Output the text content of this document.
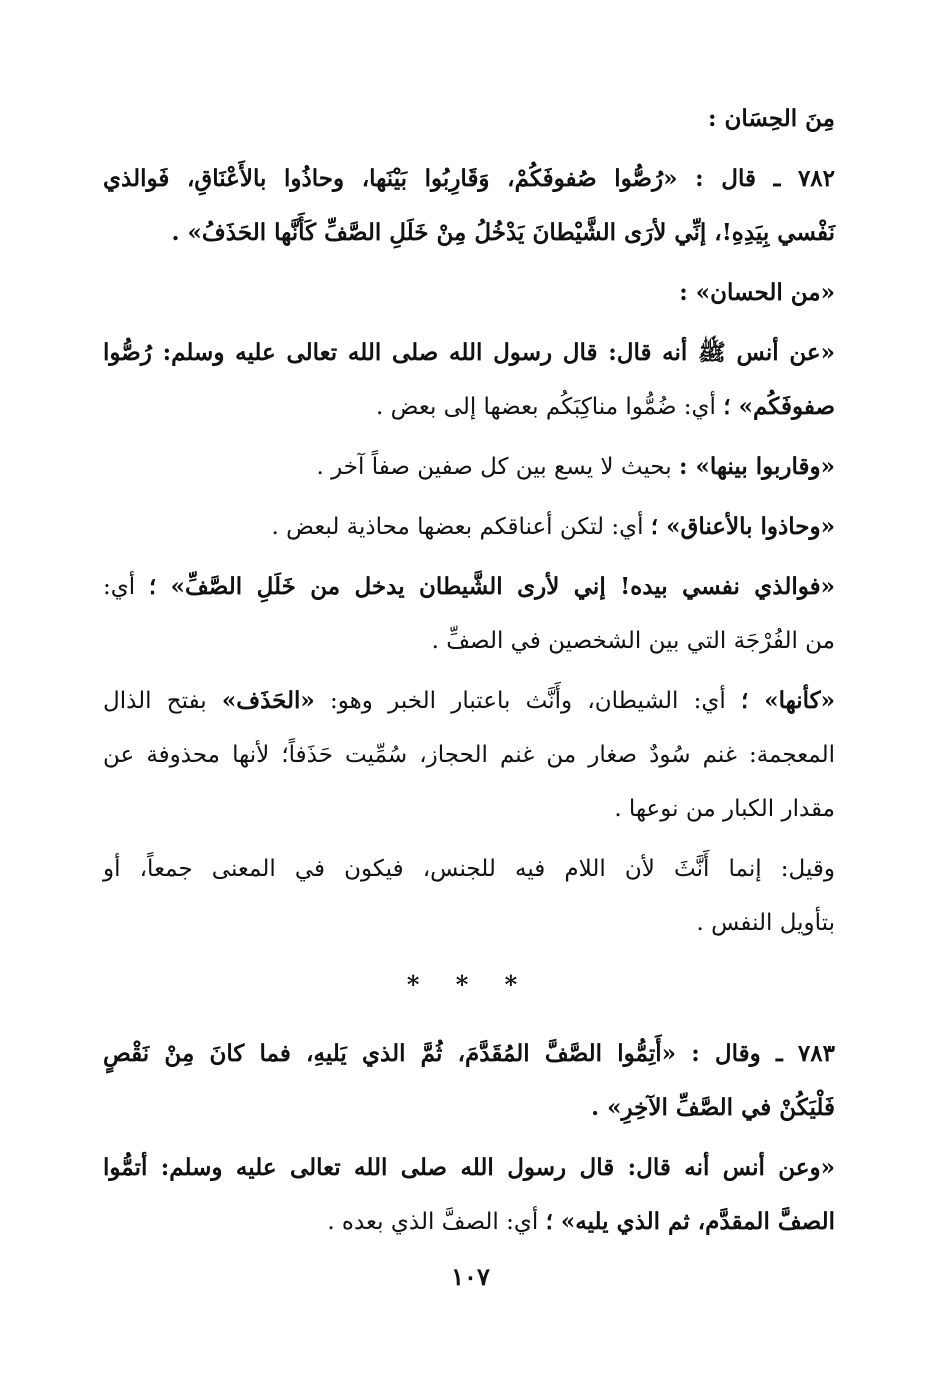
مِنَ الحِسَان :
٧٨٢ ـ قال : «رُصُّوا صُفوفَكُمْ، وَقَارِبُوا بَيْنَها، وحاذُوا بالأَعْنَاقِ، فَوالذي
نَفْسي بِيَدِهِ!، إنِّي لأرَى الشَّيْطانَ يَدْخُلُ مِنْ خَلَلِ الصَّفِّ كَأَنَّها الحَذَفُ» .
«من الحسان» :
«عن أنس ﷺ أنه قال: قال رسول الله صلى الله تعالى عليه وسلم: رُصُّوا
صفوفَكُم» ؛ أي: ضُمُّوا مناكِبَكُم بعضها إلى بعض .
«وقاربوا بينها» : بحيث لا يسع بين كل صفين صفاً آخر .
«وحاذوا بالأعناق» ؛ أي: لتكن أعناقكم بعضها محاذية لبعض .
«فوالذي نفسي بيده! إني لأرى الشَّيطان يدخل من خَلَلِ الصَّفِّ» ؛ أي:
من الفُرْجَة التي بين الشخصين في الصفِّ .
«كأنها» ؛ أي: الشيطان، وأَنَّث باعتبار الخبر وهو: «الحَذَف» بفتح الذال
المعجمة: غنم سُودٌ صغار من غنم الحجاز، سُمِّيت حَذَفاً؛ لأنها محذوفة عن
مقدار الكبار من نوعها .
وقيل: إنما أَنَّثَ لأن اللام فيه للجنس، فيكون في المعنى جمعاً، أو
بتأويل النفس .
* * *
٧٨٣ ـ وقال : «أَتِمُّوا الصَّفَّ المُقَدَّمَ، ثُمَّ الذي يَليهِ، فما كانَ مِنْ نَقْصٍ
فَلْيَكُنْ في الصَّفِّ الآخِرِ» .
«وعن أنس أنه قال: قال رسول الله صلى الله تعالى عليه وسلم: أتمُّوا
الصفَّ المقدَّم، ثم الذي يليه» ؛ أي: الصفَّ الذي بعده .
١٠٧
